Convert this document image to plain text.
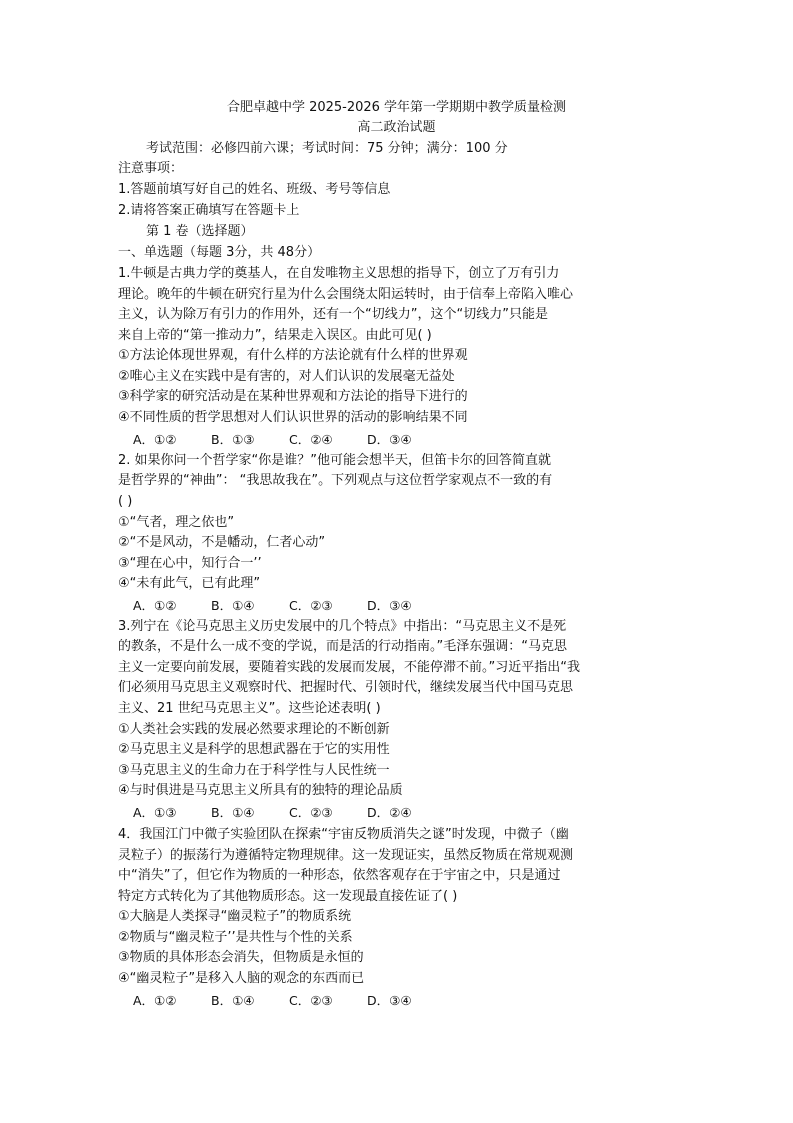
合肥卓越中学 2025-2026 学年第一学期期中教学质量检测
高二政治试题
考试范围：必修四前六课；考试时间：75 分钟；满分：100 分
注意事项：
1.答题前填写好自己的姓名、班级、考号等信息
2.请将答案正确填写在答题卡上
第 1 卷（选择题）
一、单选题（每题 3分，共 48分）
1.牛顿是古典力学的奠基人，在自发唯物主义思想的指导下，创立了万有引力
理论。晚年的牛顿在研究行星为什么会围绕太阳运转时，由于信奉上帝陷入唯心
主义，认为除万有引力的作用外，还有一个“切线力”，这个“切线力”只能是
来自上帝的“第一推动力”，结果走入误区。由此可见( )
①方法论体现世界观，有什么样的方法论就有什么样的世界观
②唯心主义在实践中是有害的，对人们认识的发展毫无益处
③科学家的研究活动是在某种世界观和方法论的指导下进行的
④不同性质的哲学思想对人们认识世界的活动的影响结果不同
A．①②	B．①③	C．②④	D．③④
2. 如果你问一个哲学家“你是谁？”他可能会想半天，但笛卡尔的回答简直就
是哲学界的“神曲”： “我思故我在”。下列观点与这位哲学家观点不一致的有
( )
①“气者，理之依也”
②“不是风动，不是幡动，仁者心动”
③“理在心中，知行合一’’
④“未有此气，已有此理”
A．①②	B．①④	C．②③	D．③④
3.列宁在《论马克思主义历史发展中的几个特点》中指出：“马克思主义不是死
的教条，不是什么一成不变的学说，而是活的行动指南。”毛泽东强调：“马克思
主义一定要向前发展，要随着实践的发展而发展，不能停滞不前。”习近平指出“我
们必须用马克思主义观察时代、把握时代、引领时代，继续发展当代中国马克思
主义、21 世纪马克思主义”。这些论述表明( )
①人类社会实践的发展必然要求理论的不断创新
②马克思主义是科学的思想武器在于它的实用性
③马克思主义的生命力在于科学性与人民性统一
④与时俱进是马克思主义所具有的独特的理论品质
A．①③	B．①④	C．②③	D．②④
4．我国江门中微子实验团队在探索“宇宙反物质消失之谜”时发现，中微子（幽
灵粒子）的振荡行为遵循特定物理规律。这一发现证实，虽然反物质在常规观测
中“消失”了，但它作为物质的一种形态，依然客观存在于宇宙之中，只是通过
特定方式转化为了其他物质形态。这一发现最直接佐证了( )
①大脑是人类探寻“幽灵粒子”的物质系统
②物质与“幽灵粒子’’是共性与个性的关系
③物质的具体形态会消失，但物质是永恒的
④“幽灵粒子”是移入人脑的观念的东西而已
A．①②	B．①④	C．②③	D．③④
